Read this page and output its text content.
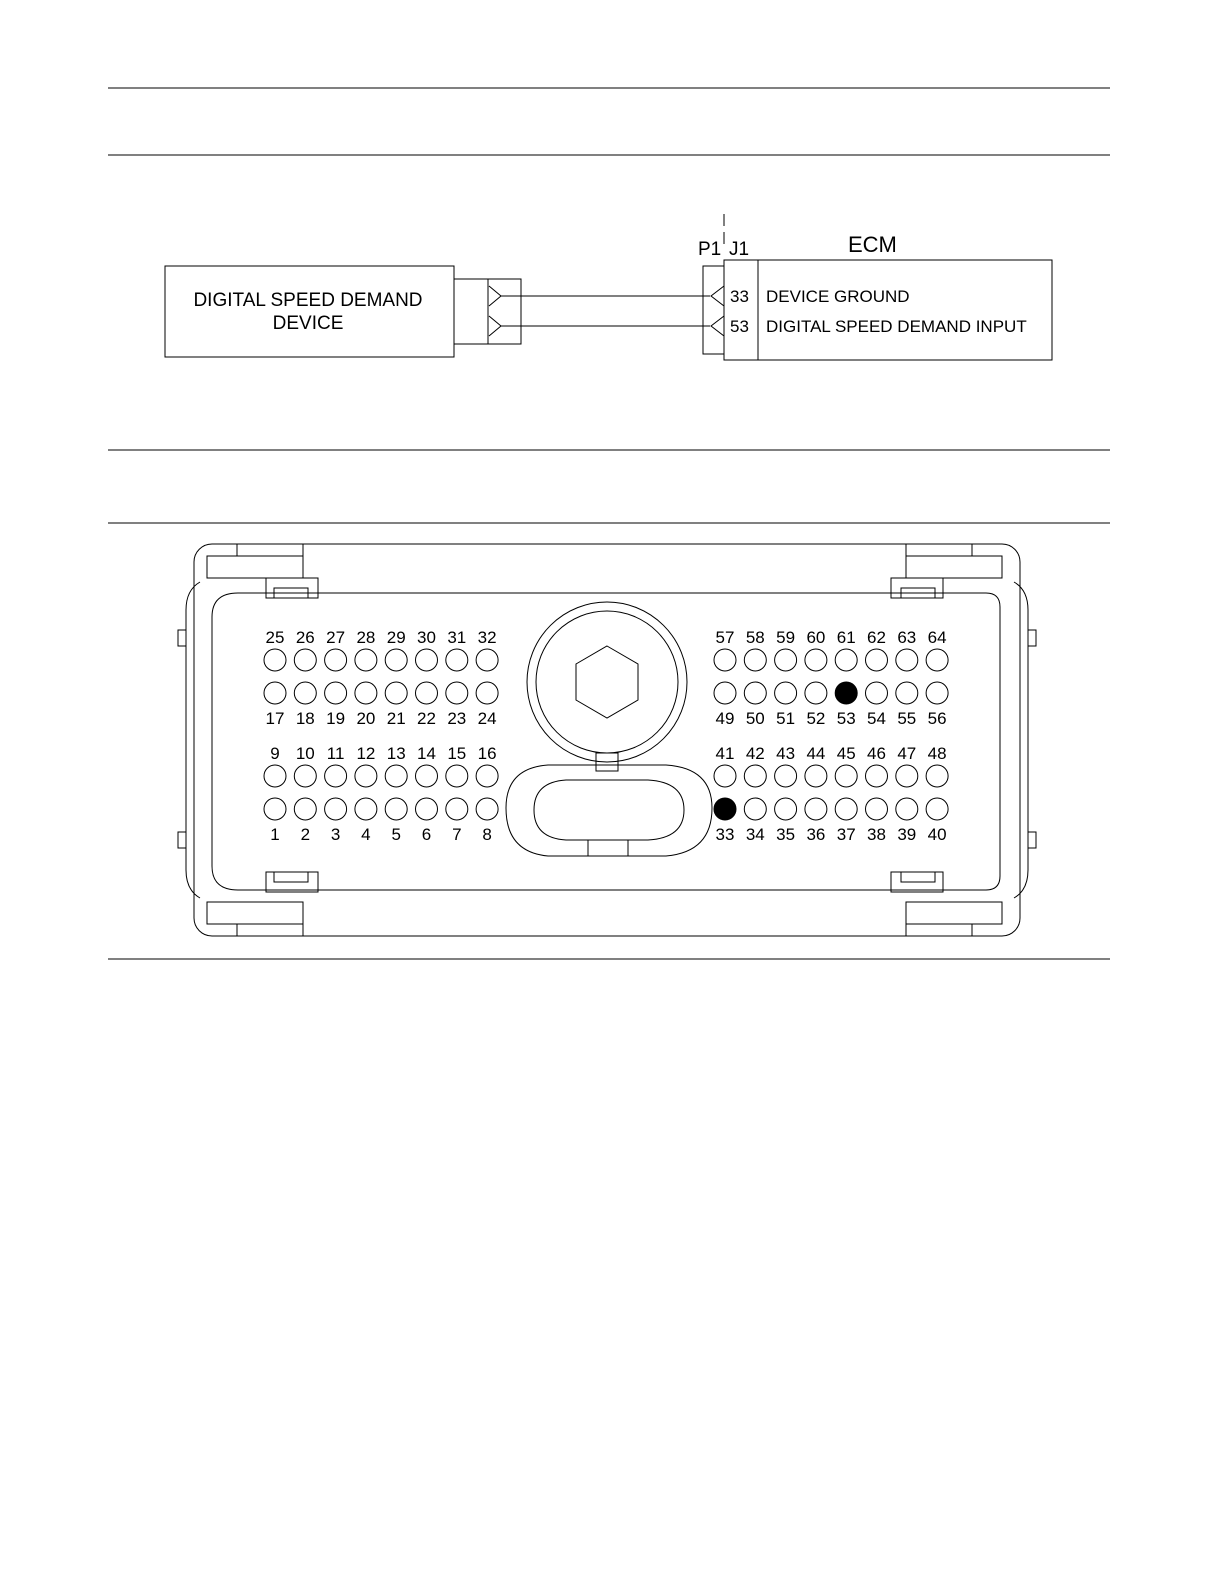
DIGITAL SPEED DEMAND
DEVICE
P1 J1	ECM
33 DEVICE GROUND
53 DIGITAL SPEED DEMAND INPUT
25 26 27 28 29 30 31 32
17 18 19 20 21 22 23 24
9 10 11 12 13 14 15 16
1 2 3 4 5 6 7 8
57 58 59 60 61 62 63 64
49 50 51 52 53 54 55 56
41 42 43 44 45 46 47 48
33 34 35 36 37 38 39 40
